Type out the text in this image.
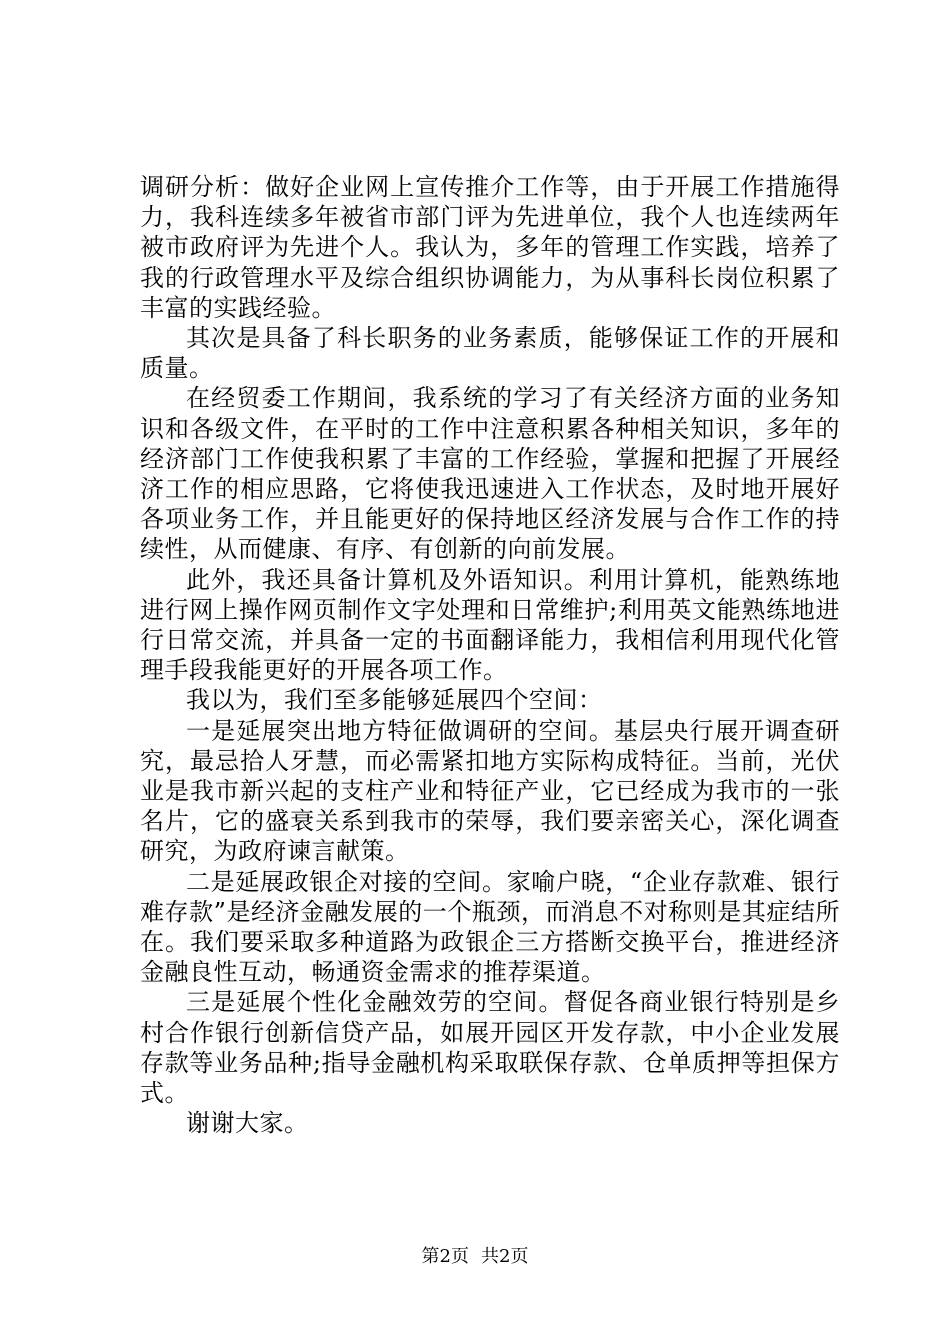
调研分析：做好企业网上宣传推介工作等，由于开展工作措施得力，我科连续多年被省市部门评为先进单位，我个人也连续两年被市政府评为先进个人。我认为，多年的管理工作实践，培养了我的行政管理水平及综合组织协调能力，为从事科长岗位积累了丰富的实践经验。

其次是具备了科长职务的业务素质，能够保证工作的开展和质量。

在经贸委工作期间，我系统的学习了有关经济方面的业务知识和各级文件，在平时的工作中注意积累各种相关知识，多年的经济部门工作使我积累了丰富的工作经验，掌握和把握了开展经济工作的相应思路，它将使我迅速进入工作状态，及时地开展好各项业务工作，并且能更好的保持地区经济发展与合作工作的持续性，从而健康、有序、有创新的向前发展。

此外，我还具备计算机及外语知识。利用计算机，能熟练地进行网上操作网页制作文字处理和日常维护;利用英文能熟练地进行日常交流，并具备一定的书面翻译能力，我相信利用现代化管理手段我能更好的开展各项工作。

我以为，我们至多能够延展四个空间：

一是延展突出地方特征做调研的空间。基层央行展开调查研究，最忌拾人牙慧，而必需紧扣地方实际构成特征。当前，光伏业是我市新兴起的支柱产业和特征产业，它已经成为我市的一张名片，它的盛衰关系到我市的荣辱，我们要亲密关心，深化调查研究，为政府谏言献策。

二是延展政银企对接的空间。家喻户晓，“企业存款难、银行难存款”是经济金融发展的一个瓶颈，而消息不对称则是其症结所在。我们要采取多种道路为政银企三方搭断交换平台，推进经济金融良性互动，畅通资金需求的推荐渠道。

三是延展个性化金融效劳的空间。督促各商业银行特别是乡村合作银行创新信贷产品，如展开园区开发存款，中小企业发展存款等业务品种;指导金融机构采取联保存款、仓单质押等担保方式。

谢谢大家。

第2页 共2页
